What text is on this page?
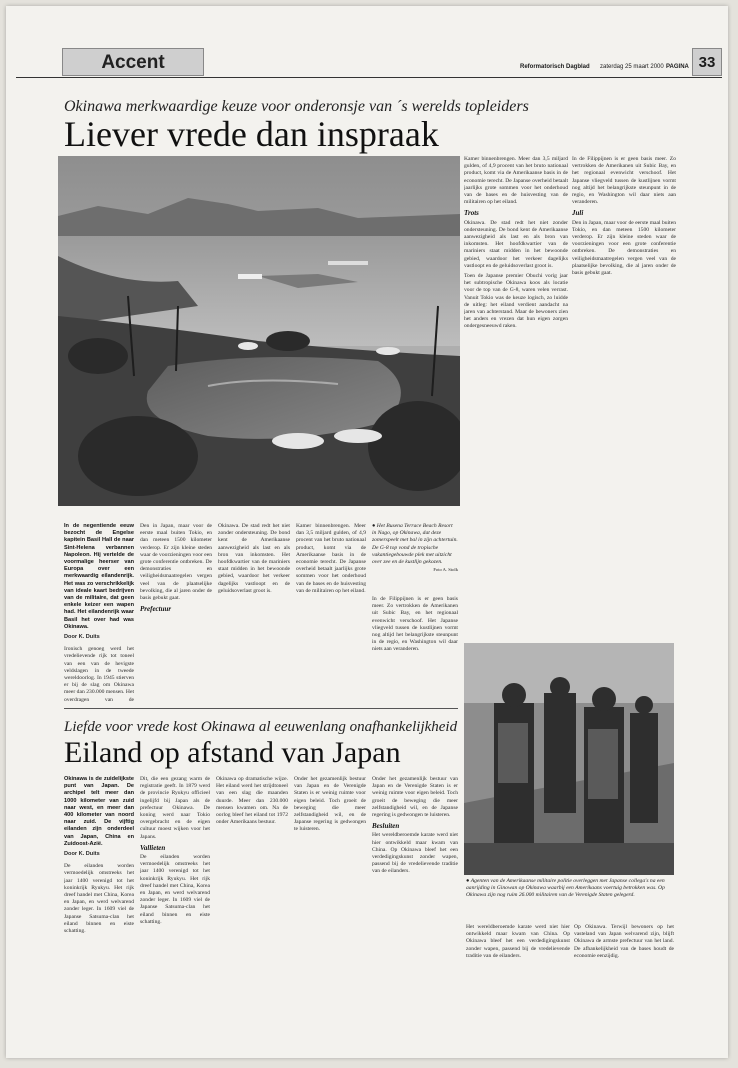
Accent	Reformatorisch Dagblad zaterdag 25 maart 2000 PAGINA 33
Okinawa merkwaardige keuze voor onderonsje van ´s werelds topleiders
Liever vrede dan inspraak

In de negentiende eeuw bezocht de Engelse kapitein Basil Hall de naar Sint-Helena verbannen Napoleon. Hij vertelde de voormalige heerser van Europa over een merkwaardig eilandenrijk. Het was zo verschrikkelijk van ideale kaart bedrijven van de militaire, dat geen enkele keizer een wapen had. Het eilandenrijk waar Basil het over had was Okinawa.

Door K. Duits

Ironisch genoeg werd het vredelievende rijk tot toneel van een van de hevigste veldslagen in de tweede wereldoorlog. In 1945 stierven er bij de slag om Okinawa meer dan 230.000 mensen. Het overdragen van de

Den in Japan, maar voor de eerste maal buiten Tokio, en dan meteen 1500 kilometer verderop. Er zijn kleine steden waar de voorzieningen voor een grote conferentie ontbreken. De demonstraties en veiligheidsmaatregelen vergen veel van de plaatselijke bevolking, die al jaren onder de basis gebukt gaat.

Prefectuur

Okinawa. De stad redt het niet zonder ondersteuning. De bond kent de Amerikaanse aanwezigheid als last en als bron van inkomsten. Het hoofdkwartier van de mariniers staat midden in het bewoonde gebied, waardoor het verkeer dagelijks vastloopt en de geluidsoverlast groot is.

Kamer binnenbrengen. Meer dan 3,5 miljard gulden, of 4,9 procent van het bruto nationaal product, komt via de Amerikaanse basis in de economie terecht. De Japanse overheid betaalt jaarlijks grote sommen voor het onderhoud van de bases en de huisvesting van de militairen op het eiland.

● Het Busena Terrace Beach Resort in Nago, op Okinawa, dat deze zomerspeelt met bal in zijn achtertuin. De G-8 top vond de tropische vakantiegebouwde plek met uitzicht over zee en de kustlijn gekozen.
Foto A. Stolk

In de Filippijnen is er geen basis meer. Zo vertrokken de Amerikanen uit Subic Bay, en het regionaal evenwicht verschoof. Het Japanse vliegveld tussen de kustlijnen vormt nog altijd het belangrijkste steunpunt in de regio, en Washington wil daar niets aan veranderen.

Kamer binnenbrengen. Meer dan 3,5 miljard gulden, of 4,9 procent van het bruto nationaal product, komt via de Amerikaanse basis in de economie terecht. De Japanse overheid betaalt jaarlijks grote sommen voor het onderhoud van de bases en de huisvesting van de militairen op het eiland.

Trots

Okinawa. De stad redt het niet zonder ondersteuning. De bond kent de Amerikaanse aanwezigheid als last en als bron van inkomsten. Het hoofdkwartier van de mariniers staat midden in het bewoonde gebied, waardoor het verkeer dagelijks vastloopt en de geluidsoverlast groot is.

Toen de Japanse premier Obuchi vorig jaar het subtropische Okinawa koos als locatie voor de top van de G-8, waren velen verrast. Vanuit Tokio was de keuze logisch, zo luidde de uitleg: het eiland verdient aandacht na jaren van achterstand. Maar de bewoners zien het anders en vrezen dat hun eigen zorgen ondergesneeuwd raken.

In de Filippijnen is er geen basis meer. Zo vertrokken de Amerikanen uit Subic Bay, en het regionaal evenwicht verschoof. Het Japanse vliegveld tussen de kustlijnen vormt nog altijd het belangrijkste steunpunt in de regio, en Washington wil daar niets aan veranderen.

Juli

Den in Japan, maar voor de eerste maal buiten Tokio, en dan meteen 1500 kilometer verderop. Er zijn kleine steden waar de voorzieningen voor een grote conferentie ontbreken. De demonstraties en veiligheidsmaatregelen vergen veel van de plaatselijke bevolking, die al jaren onder de basis gebukt gaat.

Liefde voor vrede kost Okinawa al eeuwenlang onafhankelijkheid
Eiland op afstand van Japan
● Agenten van de Amerikaanse militaire politie overleggen met Japanse collega's na een aanrijding in Ginowan op Okinawa waarbij een Amerikaans voertuig betrokken was. Op Okinawa zijn nog ruim 26.000 militairen van de Verenigde Staten gelegerd.

Okinawa is de zuidelijkste punt van Japan. De archipel telt meer dan 1000 kilometer van zuid naar west, en meer dan 400 kilometer van noord naar zuid. De vijftig eilanden zijn onderdeel van Japan, China en Zuidoost-Azië.

Door K. Duits

De eilanden worden vermoedelijk omstreeks het jaar 1400 verenigd tot het koninkrijk Ryukyu. Het rijk dreef handel met China, Korea en Japan, en werd welvarend zonder leger. In 1609 viel de Japanse Satsuma-clan het eiland binnen en eiste schatting.

Dit, die een gezang warm de registratie geeft. In 1879 werd de provincie Ryukyu officieel ingelijfd bij Japan als de prefectuur Okinawa. De koning werd naar Tokio overgebracht en de eigen cultuur moest wijken voor het Japans.

Vallieten

De eilanden worden vermoedelijk omstreeks het jaar 1400 verenigd tot het koninkrijk Ryukyu. Het rijk dreef handel met China, Korea en Japan, en werd welvarend zonder leger. In 1609 viel de Japanse Satsuma-clan het eiland binnen en eiste schatting.

Okinawa op dramatische wijze. Het eiland werd het strijdtoneel van een slag die maanden duurde. Meer dan 230.000 mensen kwamen om. Na de oorlog bleef het eiland tot 1972 onder Amerikaans bestuur.

Onder het gezamenlijk bestuur van Japan en de Verenigde Staten is er weinig ruimte voor eigen beleid. Toch groeit de beweging die meer zelfstandigheid wil, en de Japanse regering is gedwongen te luisteren.

Onder het gezamenlijk bestuur van Japan en de Verenigde Staten is er weinig ruimte voor eigen beleid. Toch groeit de beweging die meer zelfstandigheid wil, en de Japanse regering is gedwongen te luisteren.

Besluiten

Het wereldberoemde karate werd niet hier ontwikkeld maar kwam van China. Op Okinawa bleef het een verdedigingskunst zonder wapen, passend bij de vredelievende traditie van de eilanders.

Het wereldberoemde karate werd niet hier ontwikkeld maar kwam van China. Op Okinawa bleef het een verdedigingskunst zonder wapen, passend bij de vredelievende traditie van de eilanders.

Op Okinawa. Terwijl bewoners op het vasteland van Japan welvarend zijn, blijft Okinawa de armste prefectuur van het land. De afhankelijkheid van de bases houdt de economie eenzijdig.
